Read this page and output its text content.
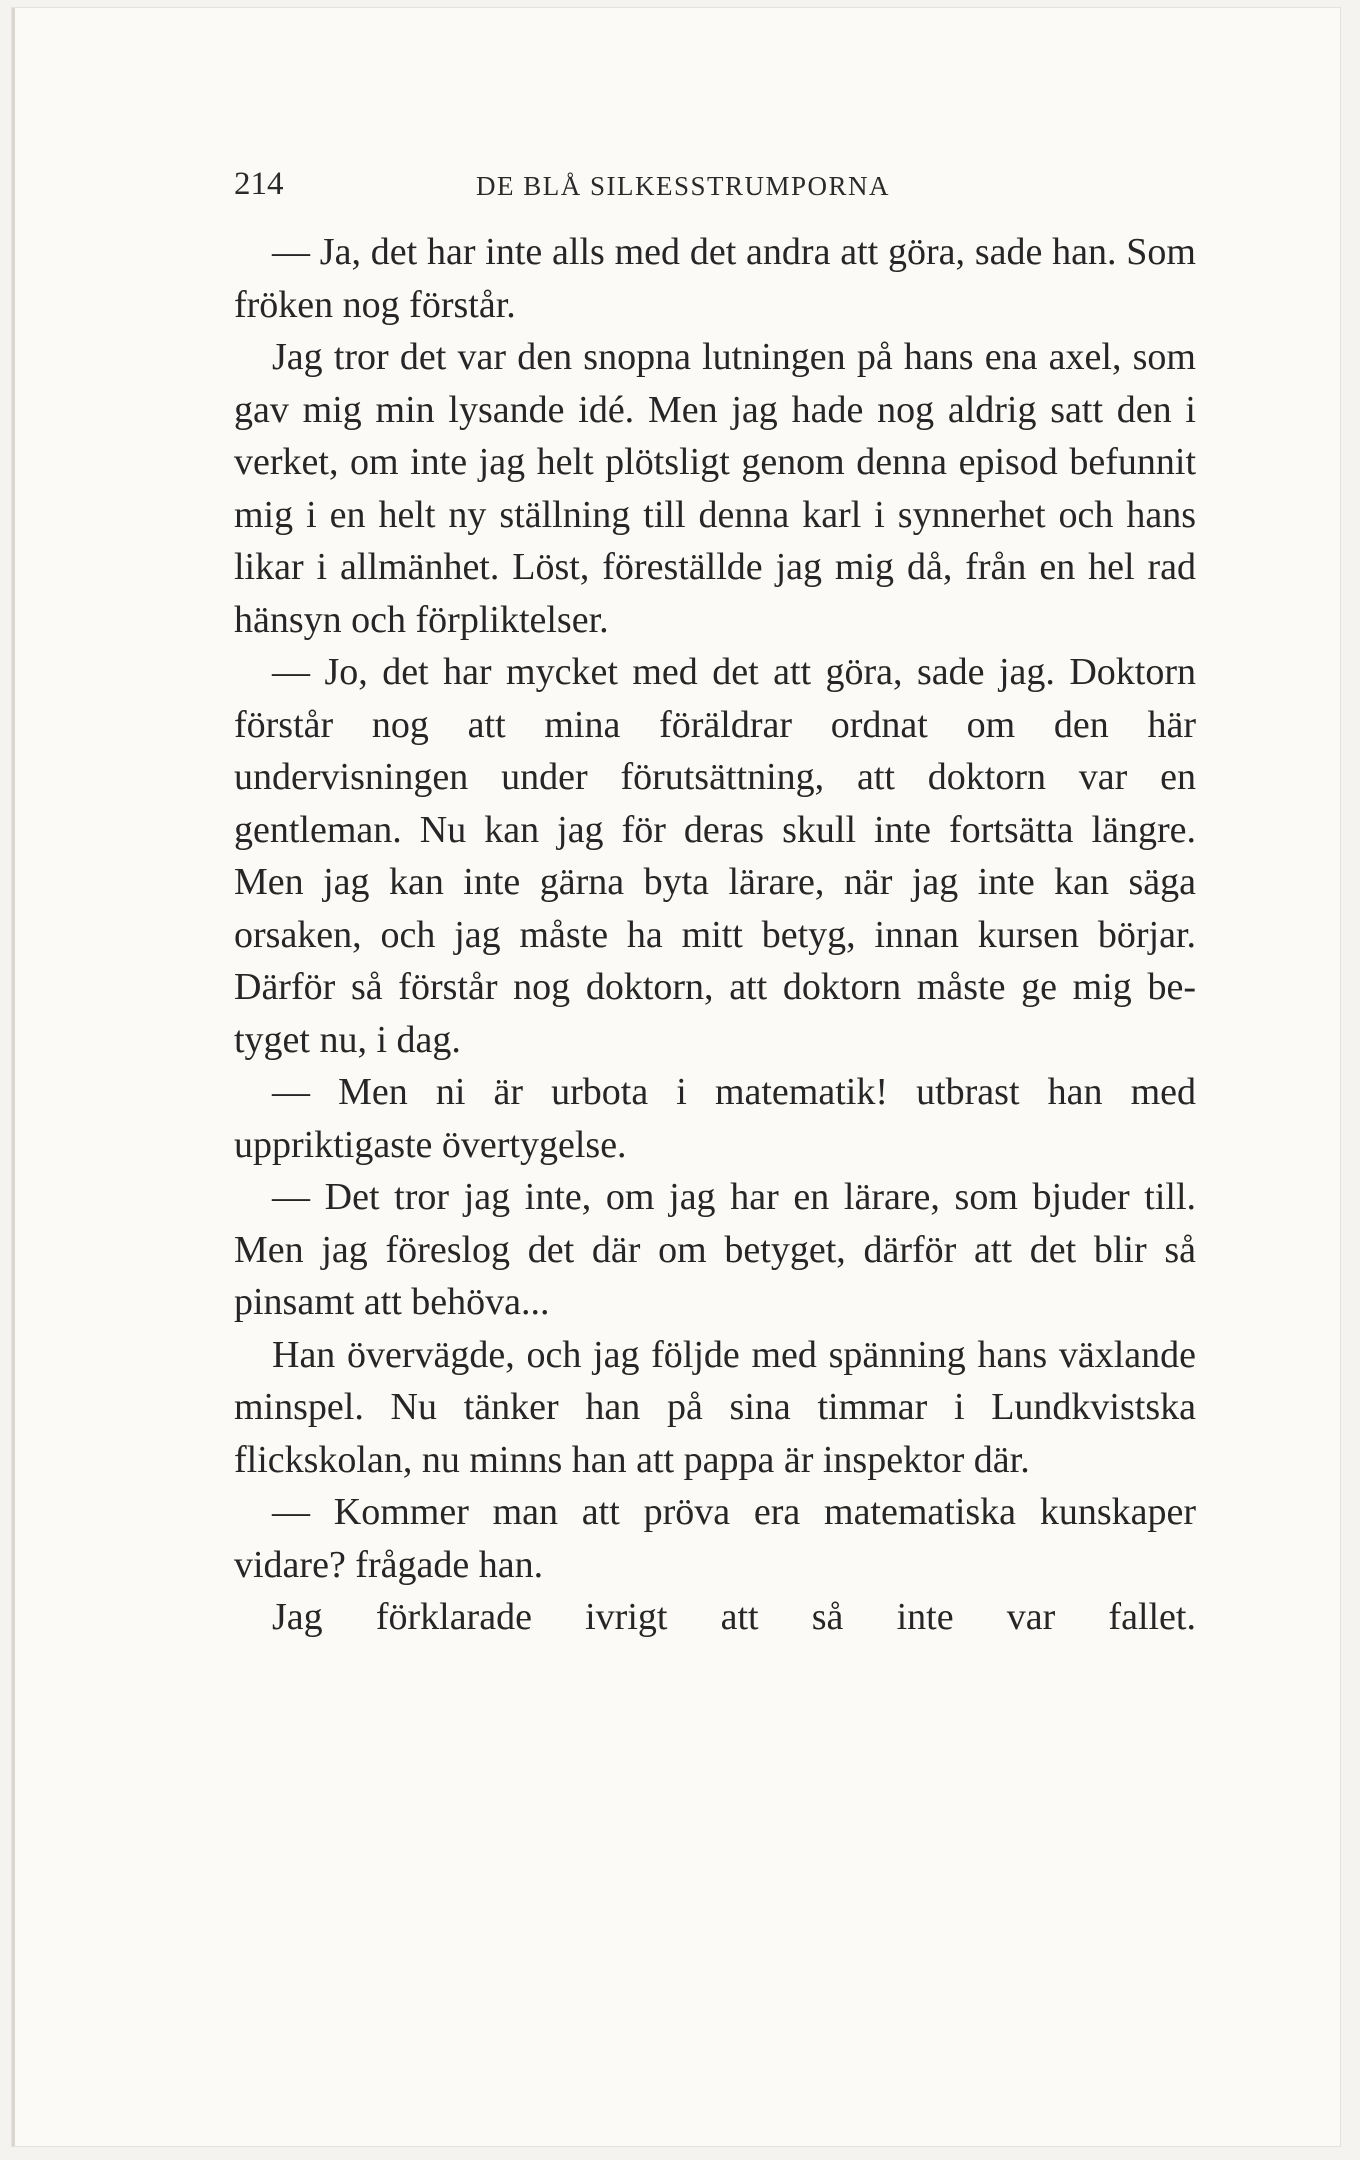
214	DE BLÅ SILKESSTRUMPORNA

— Ja, det har inte alls med det andra att göra, sade han. Som fröken nog förstår.

Jag tror det var den snopna lutningen på hans ena axel, som gav mig min lysande idé. Men jag hade nog aldrig satt den i verket, om inte jag helt plötsligt genom denna episod befunnit mig i en helt ny ställning till denna karl i synnerhet och hans likar i allmänhet. Löst, föreställde jag mig då, från en hel rad hänsyn och förpliktelser.

— Jo, det har mycket med det att göra, sade jag. Doktorn förstår nog att mina föräldrar ordnat om den här undervisningen under förutsättning, att doktorn var en gentleman. Nu kan jag för deras skull inte fortsätta längre. Men jag kan inte gärna byta lärare, när jag inte kan säga orsaken, och jag måste ha mitt betyg, innan kursen börjar. Därför så förstår nog doktorn, att doktorn måste ge mig betyget nu, i dag.

— Men ni är urbota i matematik! utbrast han med uppriktigaste övertygelse.

— Det tror jag inte, om jag har en lärare, som bjuder till. Men jag föreslog det där om betyget, därför att det blir så pinsamt att behöva...

Han övervägde, och jag följde med spänning hans växlande minspel. Nu tänker han på sina timmar i Lundkvistska flickskolan, nu minns han att pappa är inspektor där.

— Kommer man att pröva era matematiska kunskaper vidare? frågade han.

Jag förklarade ivrigt att så inte var fallet.
